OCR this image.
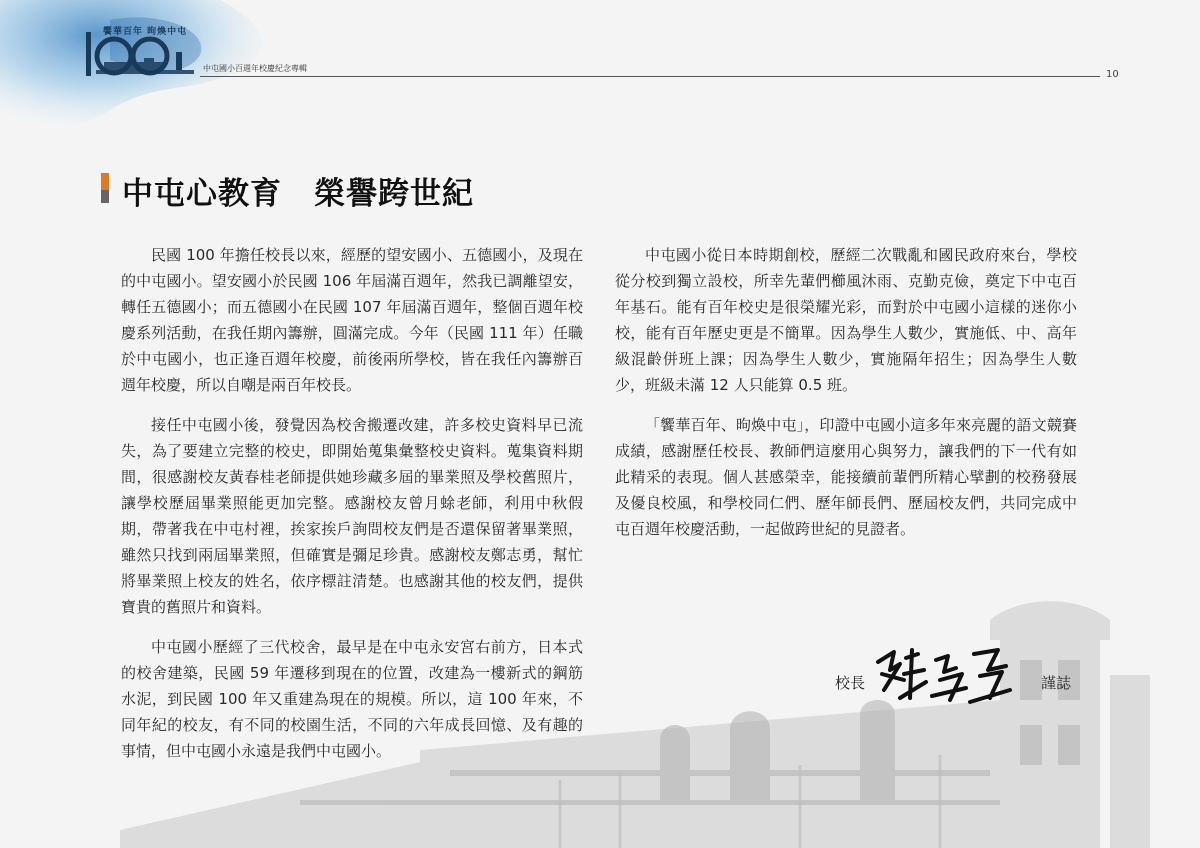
饗華百年 昫煥中屯
中屯國小百週年校慶紀念專輯
10
中屯心教育　榮譽跨世紀

民國 100 年擔任校長以來，經歷的望安國小、五德國小，及現在的中屯國小。望安國小於民國 106 年屆滿百週年，然我已調離望安，轉任五德國小；而五德國小在民國 107 年屆滿百週年，整個百週年校慶系列活動，在我任期內籌辦，圓滿完成。今年（民國 111 年）任職於中屯國小，也正逢百週年校慶，前後兩所學校，皆在我任內籌辦百週年校慶，所以自嘲是兩百年校長。

接任中屯國小後，發覺因為校舍搬遷改建，許多校史資料早已流失，為了要建立完整的校史，即開始蒐集彙整校史資料。蒐集資料期間，很感謝校友黃春桂老師提供她珍藏多屆的畢業照及學校舊照片，讓學校歷屆畢業照能更加完整。感謝校友曾月蜍老師，利用中秋假期，帶著我在中屯村裡，挨家挨戶詢問校友們是否還保留著畢業照，雖然只找到兩屆畢業照，但確實是彌足珍貴。感謝校友鄭志勇，幫忙將畢業照上校友的姓名，依序標註清楚。也感謝其他的校友們，提供寶貴的舊照片和資料。

中屯國小歷經了三代校舍，最早是在中屯永安宮右前方，日本式的校舍建築，民國 59 年遷移到現在的位置，改建為一樓新式的鋼筋水泥，到民國 100 年又重建為現在的規模。所以，這 100 年來，不同年紀的校友，有不同的校園生活，不同的六年成長回憶、及有趣的事情，但中屯國小永遠是我們中屯國小。

中屯國小從日本時期創校，歷經二次戰亂和國民政府來台，學校從分校到獨立設校，所幸先輩們櫛風沐雨、克勤克儉，奠定下中屯百年基石。能有百年校史是很榮耀光彩，而對於中屯國小這樣的迷你小校，能有百年歷史更是不簡單。因為學生人數少，實施低、中、高年級混齡併班上課；因為學生人數少，實施隔年招生；因為學生人數少，班級未滿 12 人只能算 0.5 班。

「饗華百年、昫煥中屯」，印證中屯國小這多年來亮麗的語文競賽成績，感謝歷任校長、教師們這麼用心與努力，讓我們的下一代有如此精采的表現。個人甚感榮幸，能接續前輩們所精心擘劃的校務發展及優良校風，和學校同仁們、歷年師長們、歷屆校友們，共同完成中屯百週年校慶活動，一起做跨世紀的見證者。

校長	謹誌
